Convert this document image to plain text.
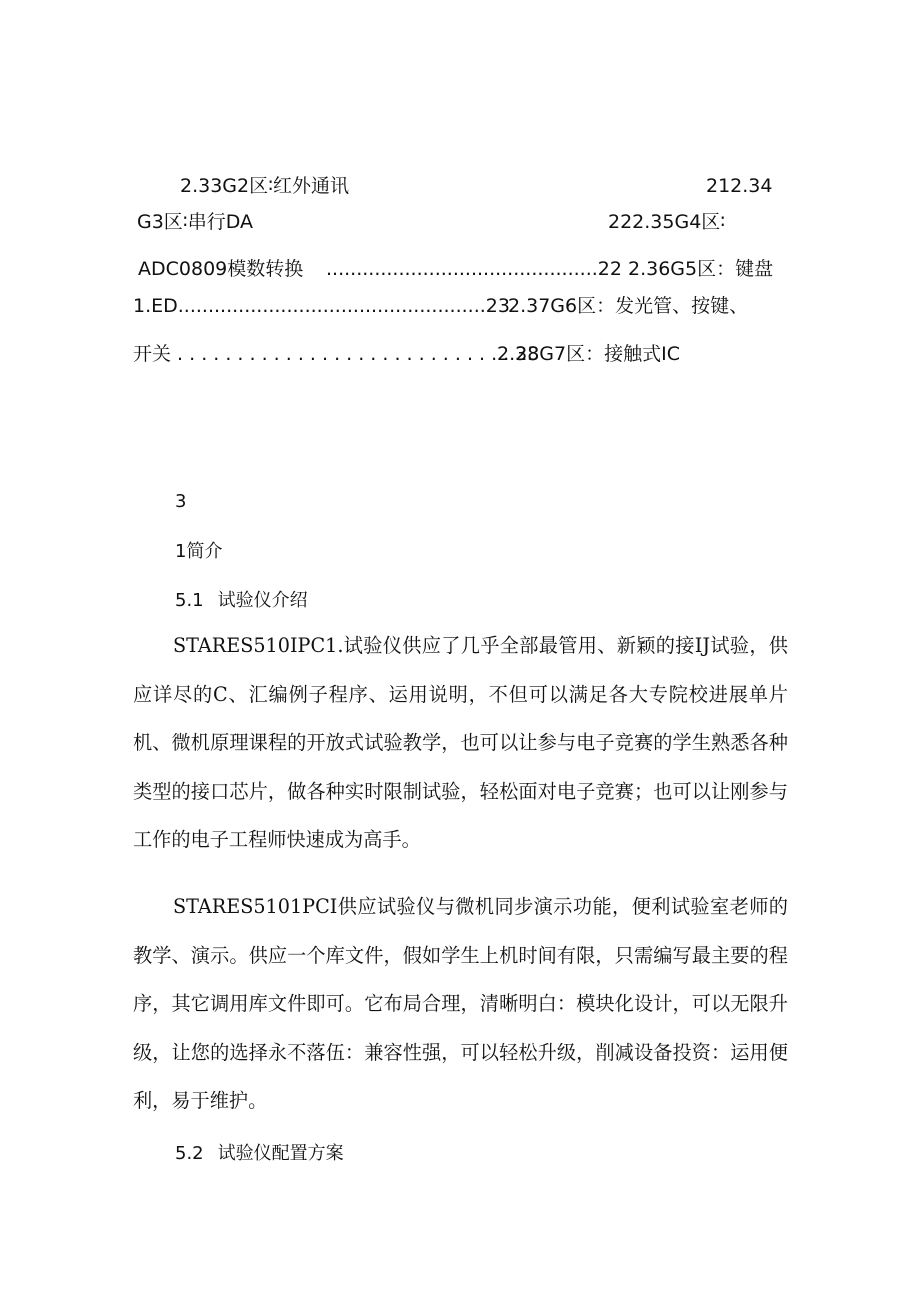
2.33G2区∶红外通讯	212.34
G3区∶串行DA	222.35G4区∶
ADC0809模数转换 .............................................22 2.36G5区：键盘
1.ED...................................................23
2.37G6区：发光管、按键、
开关 . . . . . . . . . . . . . . . . . . . . . . . . . . . . 23
2.38G7区：接触式IC
3
1简介
5.1 试验仪介绍

STARES510IPC1.试验仪供应了几乎全部最管用、新颖的接IJ试验，供应详尽的C、汇编例子程序、运用说明，不但可以满足各大专院校进展单片机、微机原理课程的开放式试验教学，也可以让参与电子竞赛的学生熟悉各种类型的接口芯片，做各种实时限制试验，轻松面对电子竞赛；也可以让刚参与工作的电子工程师快速成为高手。

STARES5101PCI供应试验仪与微机同步演示功能，便利试验室老师的教学、演示。供应一个库文件，假如学生上机时间有限，只需编写最主要的程序，其它调用库文件即可。它布局合理，清晰明白：模块化设计，可以无限升级，让您的选择永不落伍：兼容性强，可以轻松升级，削减设备投资：运用便利，易于维护。

5.2 试验仪配置方案
